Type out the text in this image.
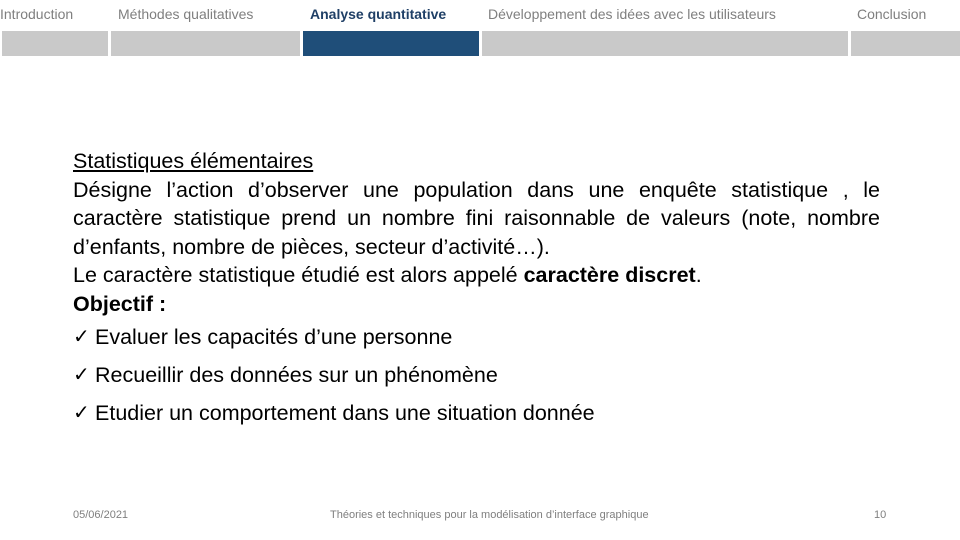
Introduction	Méthodes qualitatives	Analyse quantitative	Développement des idées avec les utilisateurs	Conclusion
Statistiques élémentaires

Désigne l’action d’observer une population dans une enquête statistique , le caractère statistique prend un nombre fini raisonnable de valeurs (note, nombre d’enfants, nombre de pièces, secteur d’activité…).

Le caractère statistique étudié est alors appelé caractère discret.

Objectif :

✓ Evaluer les capacités d’une personne
✓ Recueillir des données sur un phénomène
✓ Etudier un comportement dans une situation donnée
05/06/2021	Théories et techniques pour la modélisation d’interface graphique	10
